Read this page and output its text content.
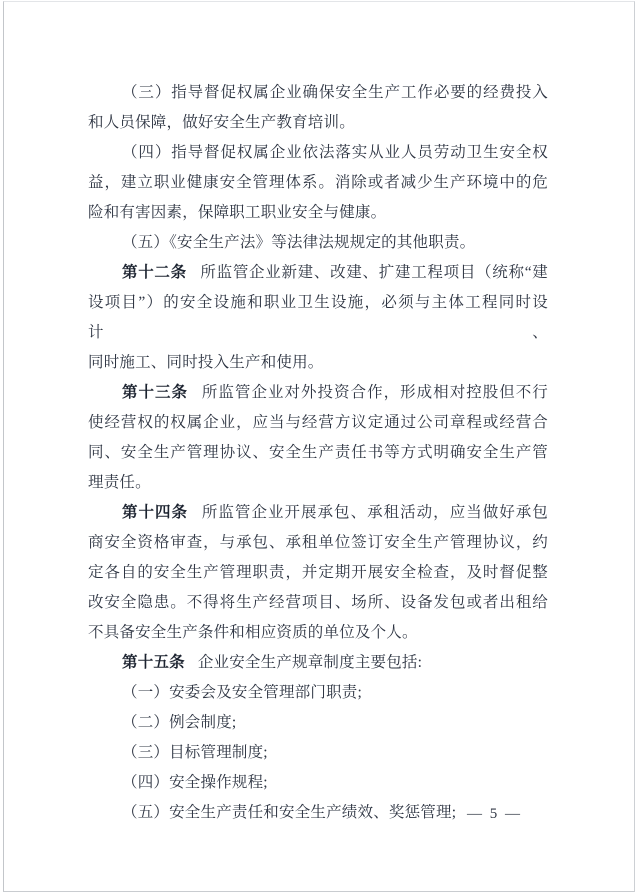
（三）指导督促权属企业确保安全生产工作必要的经费投入
和人员保障，做好安全生产教育培训。
（四）指导督促权属企业依法落实从业人员劳动卫生安全权
益，建立职业健康安全管理体系。消除或者减少生产环境中的危
险和有害因素，保障职工职业安全与健康。
（五）《安全生产法》等法律法规规定的其他职责。
第十二条 所监管企业新建、改建、扩建工程项目（统称“建
设项目”）的安全设施和职业卫生设施，必须与主体工程同时设计、
同时施工、同时投入生产和使用。
第十三条 所监管企业对外投资合作，形成相对控股但不行
使经营权的权属企业，应当与经营方议定通过公司章程或经营合
同、安全生产管理协议、安全生产责任书等方式明确安全生产管
理责任。
第十四条 所监管企业开展承包、承租活动，应当做好承包
商安全资格审查，与承包、承租单位签订安全生产管理协议，约
定各自的安全生产管理职责，并定期开展安全检查，及时督促整
改安全隐患。不得将生产经营项目、场所、设备发包或者出租给
不具备安全生产条件和相应资质的单位及个人。
第十五条 企业安全生产规章制度主要包括:
（一）安委会及安全管理部门职责;
（二）例会制度;
（三）目标管理制度;
（四）安全操作规程;
（五）安全生产责任和安全生产绩效、奖惩管理; — 5 —
